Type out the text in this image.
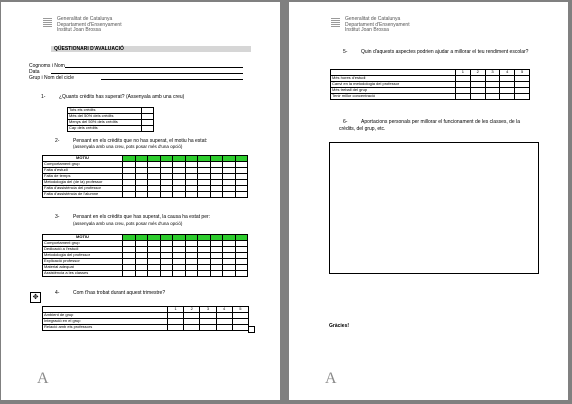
Generalitat de Catalunya
Departament d'Ensenyament
Institut Joan Brossa
QÜESTIONARI D'AVALUACIÓ
Cognoms i Nom
Data
Grup i Nom del cicle
1-	¿Quants crèdits has superat? (Assenyala amb una creu)
Tots els crèdits	
Més del 50% dels crèdits	
Menys del 50% dels crèdits	
Cap dels crèdits	
2-	Pensant en els crèdits que no has superat, el motiu ha estat:
(assenyala amb una creu, pots posar més d'una opció)
MOTIU										
Comportament grup										
Falta d'estudi										
Falta de temps										
Metodologia del (de la) professor										
Falta d'assistència del professor										
Falta d'assistència de l'alumne										
3-	Pensant en els crèdits que has superat, la causa ha estat per:
(assenyala amb una creu, pots posar més d'una opció)
MOTIU										
Comportament grup										
Dedicació a l'estudi										
Metodologia del professor										
Explicació professor										
Material adequat										
Assistència a les classes										
✥
4-	Com t'has trobat durant aquest trimestre?
	1	2	3	4	5
Ambient de grup					
Integració en el grup					
Relació amb els professors					
A
Generalitat de Catalunya
Departament d'Ensenyament
Institut Joan Brossa
5-	Quin d'aquests aspectes podrien ajudar a millorar el teu rendiment escolar?
	1	2	3	4	5
Més hores d'estudi					
Canvi en la metodologia del professor					
Més treball del grup					
Tenir millor concentració					
6-	Aportacions personals per millorar el funcionament de les classes, de la
crèdits, del grup, etc.
Gràcies!
A
